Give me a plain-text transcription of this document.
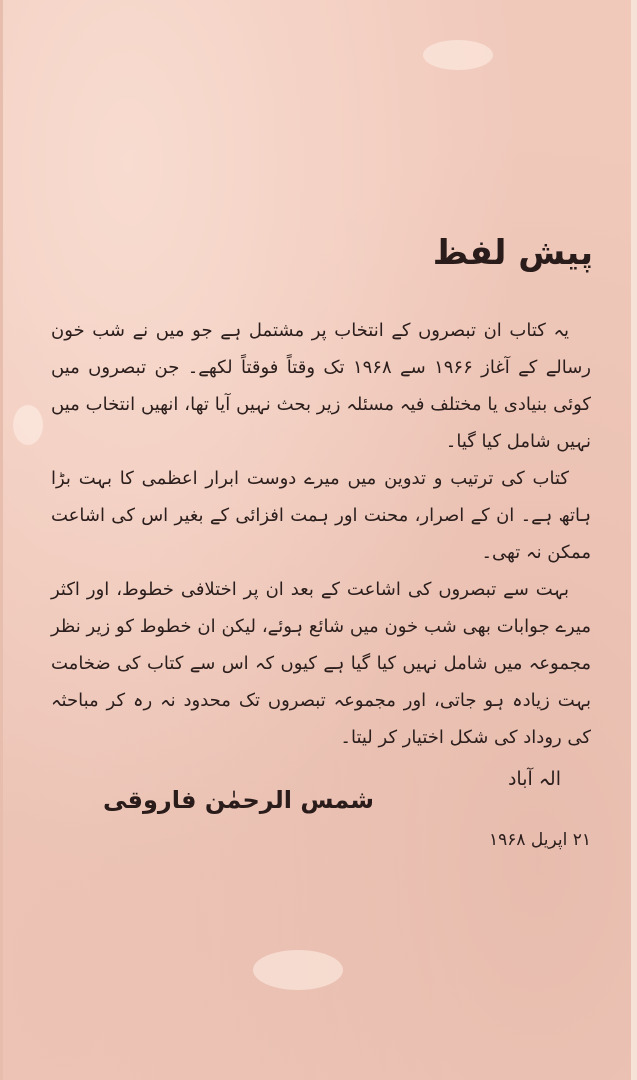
پیش لفظ

یہ کتاب ان تبصروں کے انتخاب پر مشتمل ہے جو میں نے شب خون رسالے کے آغاز ۱۹۶۶ سے ۱۹۶۸ تک وقتاً فوقتاً لکھے۔ جن تبصروں میں کوئی بنیادی یا مختلف فیہ مسئلہ زیر بحث نہیں آیا تھا، انھیں انتخاب میں نہیں شامل کیا گیا۔

کتاب کی ترتیب و تدوین میں میرے دوست ابرار اعظمی کا بہت بڑا ہاتھ ہے۔ ان کے اصرار، محنت اور ہمت افزائی کے بغیر اس کی اشاعت ممکن نہ تھی۔

بہت سے تبصروں کی اشاعت کے بعد ان پر اختلافی خطوط، اور اکثر میرے جوابات بھی شب خون میں شائع ہوئے، لیکن ان خطوط کو زیر نظر مجموعہ میں شامل نہیں کیا گیا ہے کیوں کہ اس سے کتاب کی ضخامت بہت زیادہ ہو جاتی، اور مجموعہ تبصروں تک محدود نہ رہ کر مباحثہ کی روداد کی شکل اختیار کر لیتا۔

الہ آباد
۲۱ اپریل ۱۹۶۸
شمس الرحمٰن فاروقی
